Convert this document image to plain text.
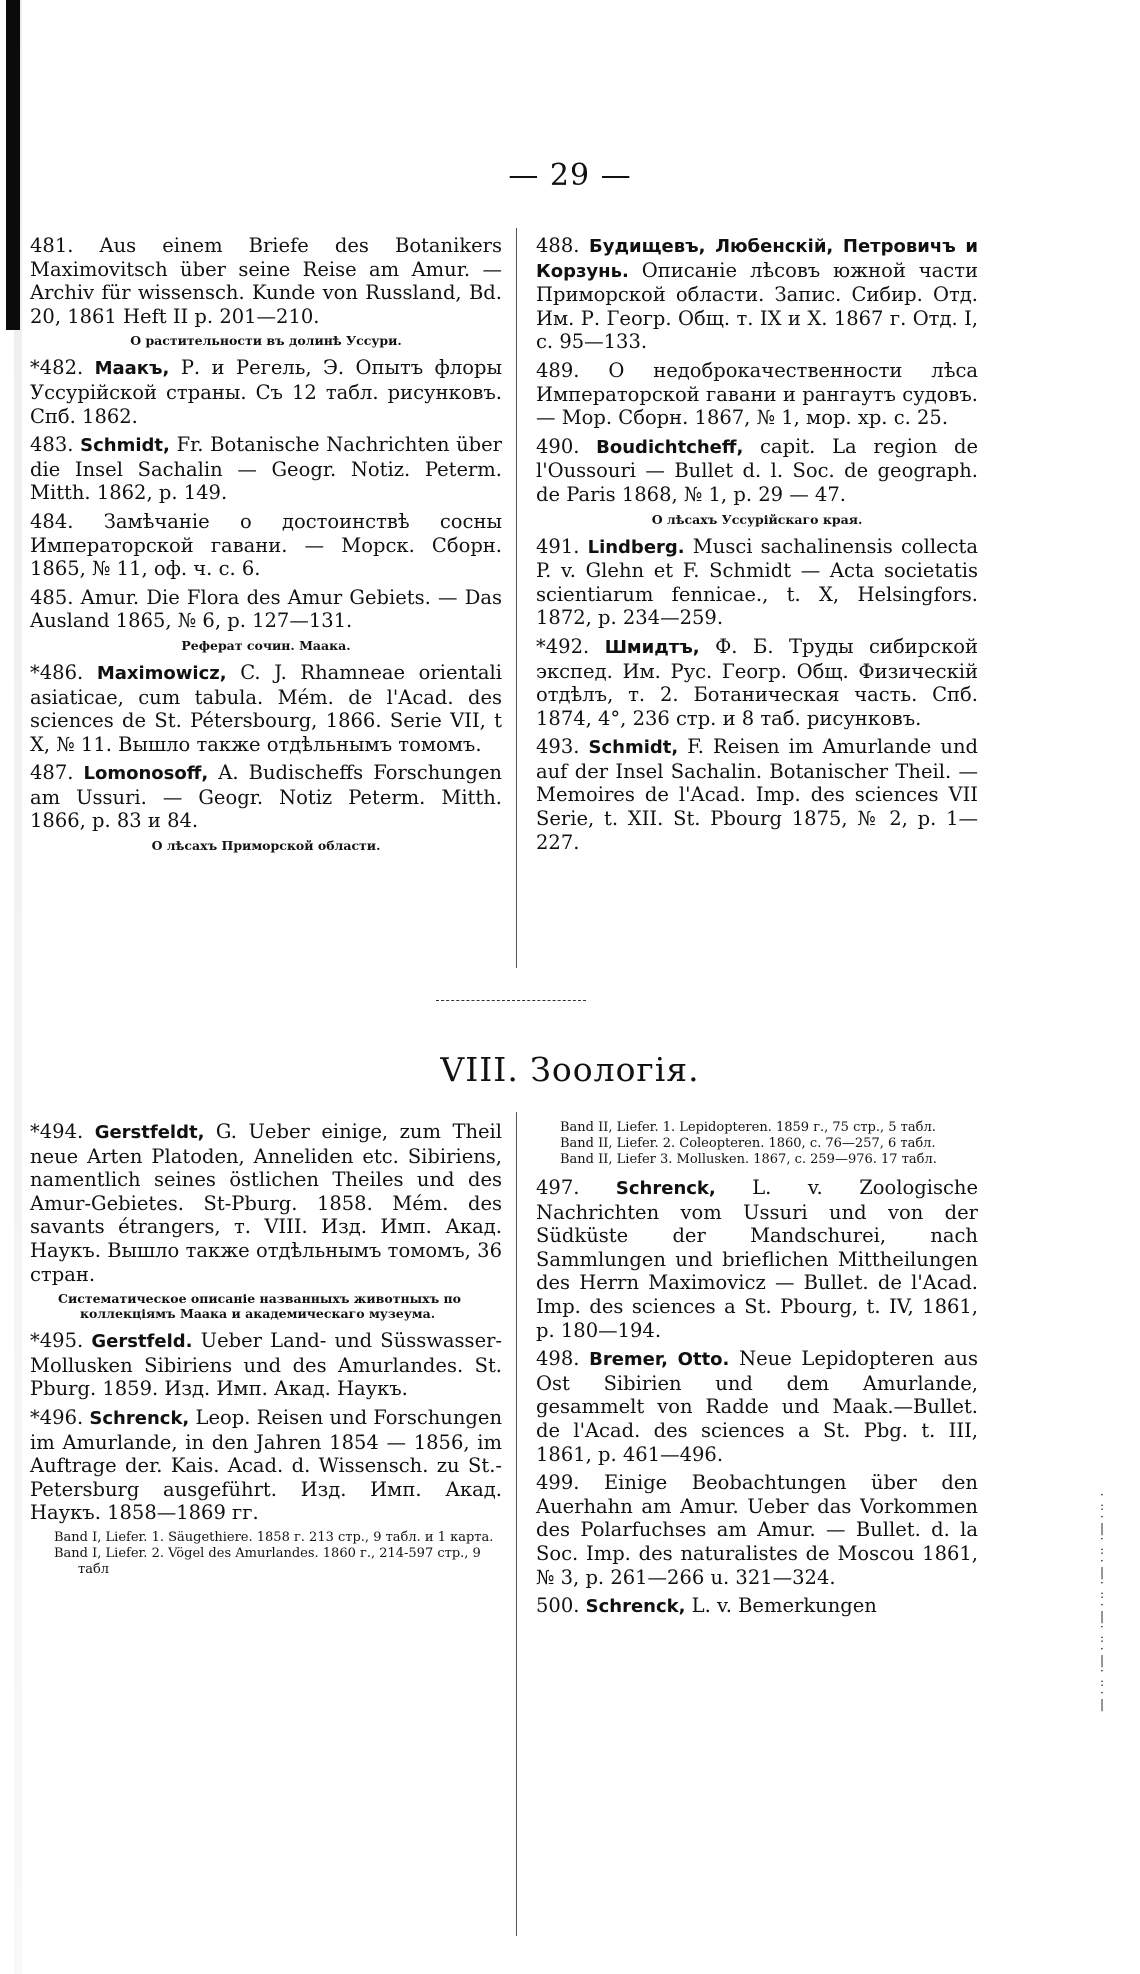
— 29 —
481. Aus einem Briefe des Botanikers Maximovitsch über seine Reise am Amur. — Archiv für wissensch. Kunde von Russland, Bd. 20, 1861 Heft II p. 201—210.
О растительности въ долинѣ Уссури.
*482. Маакъ, Р. и Регель, Э. Опытъ флоры Уссурійской страны. Съ 12 табл. рисунковъ. Спб. 1862.
483. Schmidt, Fr. Botanische Nachrichten über die Insel Sachalin — Geogr. Notiz. Peterm. Mitth. 1862, p. 149.
484. Замѣчаніе о достоинствѣ сосны Императорской гавани. — Морск. Сборн. 1865, № 11, оф. ч. с. 6.
485. Amur. Die Flora des Amur Gebiets. — Das Ausland 1865, № 6, p. 127—131.
Реферат сочин. Маака.
*486. Maximowicz, C. J. Rhamneae orientali asiaticae, cum tabula. Mém. de l'Acad. des sciences de St. Pétersbourg, 1866. Serie VII, t X, № 11. Вышло также отдѣльнымъ томомъ.
487. Lomonosoff, A. Budischeffs Forschungen am Ussuri. — Geogr. Notiz Peterm. Mitth. 1866, p. 83 и 84.
О лѣсахъ Приморской области.
488. Будищевъ, Любенскій, Петровичъ и Корзунь. Описаніе лѣсовъ южной части Приморской области. Запис. Сибир. Отд. Им. Р. Геогр. Общ. т. IX и X. 1867 г. Отд. I, с. 95—133.
489. О недоброкачественности лѣса Императорской гавани и рангаутъ судовъ. — Мор. Сборн. 1867, № 1, мор. хр. с. 25.
490. Boudichtcheff, capit. La region de l'Oussouri — Bullet d. l. Soc. de geograph. de Paris 1868, № 1, p. 29 — 47.
О лѣсахъ Уссурійскаго края.
491. Lindberg. Musci sachalinensis collecta P. v. Glehn et F. Schmidt — Acta societatis scientiarum fennicae., t. X, Helsingfors. 1872, p. 234—259.
*492. Шмидтъ, Ф. Б. Труды сибирской экспед. Им. Рус. Геогр. Общ. Физическій отдѣлъ, т. 2. Ботаническая часть. Спб. 1874, 4°, 236 стр. и 8 таб. рисунковъ.
493. Schmidt, F. Reisen im Amurlande und auf der Insel Sachalin. Botanischer Theil. — Memoires de l'Acad. Imp. des sciences VII Serie, t. XII. St. Pbourg 1875, № 2, p. 1—227.
VIII. Зоологія.
*494. Gerstfeldt, G. Ueber einige, zum Theil neue Arten Platoden, Anneliden etc. Sibiriens, namentlich seines östlichen Theiles und des Amur-Gebietes. St-Pburg. 1858. Mém. des savants étrangers, т. VIII. Изд. Имп. Акад. Наукъ. Вышло также отдѣльнымъ томомъ, 36 стран.
Систематическое описаніе названныхъ животныхъ по коллекціямъ Маака и академическаго музеума.
*495. Gerstfeld. Ueber Land- und Süsswasser-Mollusken Sibiriens und des Amurlandes. St. Pburg. 1859. Изд. Имп. Акад. Наукъ.
*496. Schrenck, Leop. Reisen und Forschungen im Amurlande, in den Jahren 1854 — 1856, im Auftrage der. Kais. Acad. d. Wissensch. zu St.-Petersburg ausgeführt. Изд. Имп. Акад. Наукъ. 1858—1869 гг.

Band I, Liefer. 1. Säugethiere. 1858 г. 213 стр., 9 табл. и 1 карта.

Band I, Liefer. 2. Vögel des Amurlandes. 1860 г., 214-597 стр., 9 табл

Band II, Liefer. 1. Lepidopteren. 1859 г., 75 стр., 5 табл.

Band II, Liefer. 2. Coleopteren. 1860, с. 76—257, 6 табл.

Band II, Liefer 3. Mollusken. 1867, с. 259—976. 17 табл.

497. Schrenck, L. v. Zoologische Nachrichten vom Ussuri und von der Südküste der Mandschurei, nach Sammlungen und brieflichen Mittheilungen des Herrn Maximovicz — Bullet. de l'Acad. Imp. des sciences a St. Pbourg, t. IV, 1861, p. 180—194.
498. Bremer, Otto. Neue Lepidopteren aus Ost Sibirien und dem Amurlande, gesammelt von Radde und Maak.—Bullet. de l'Acad. des sciences a St. Pbg. t. III, 1861, p. 461—496.
499. Einige Beobachtungen über den Auerhahn am Amur. Ueber das Vorkommen des Polarfuchses am Amur. — Bullet. d. la Soc. Imp. des naturalistes de Moscou 1861, № 3, p. 261—266 u. 321—324.
500. Schrenck, L. v. Bemerkungen
·
:
·
|
·
:
·
|
·
:
·
|
·
:
·
|
·
:
·
|
